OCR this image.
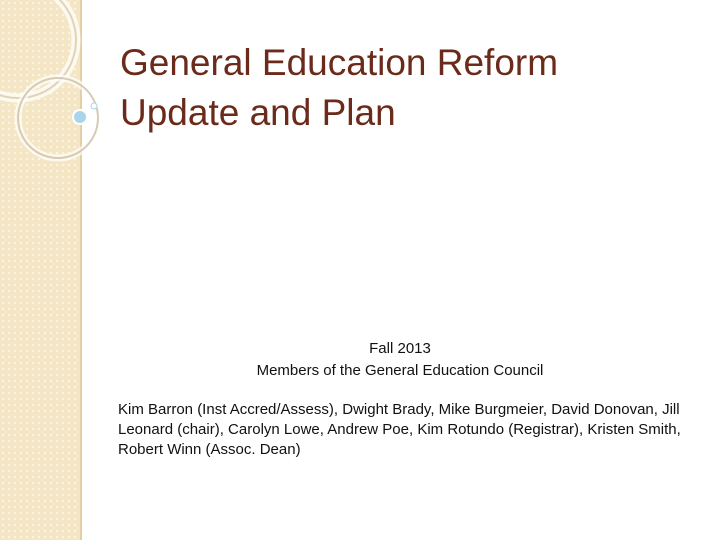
General Education Reform
Update and Plan
Fall 2013
Members of the General Education Council
Kim Barron (Inst Accred/Assess), Dwight Brady, Mike Burgmeier, David Donovan, Jill Leonard (chair), Carolyn Lowe, Andrew Poe, Kim Rotundo (Registrar), Kristen Smith, Robert Winn (Assoc. Dean)
